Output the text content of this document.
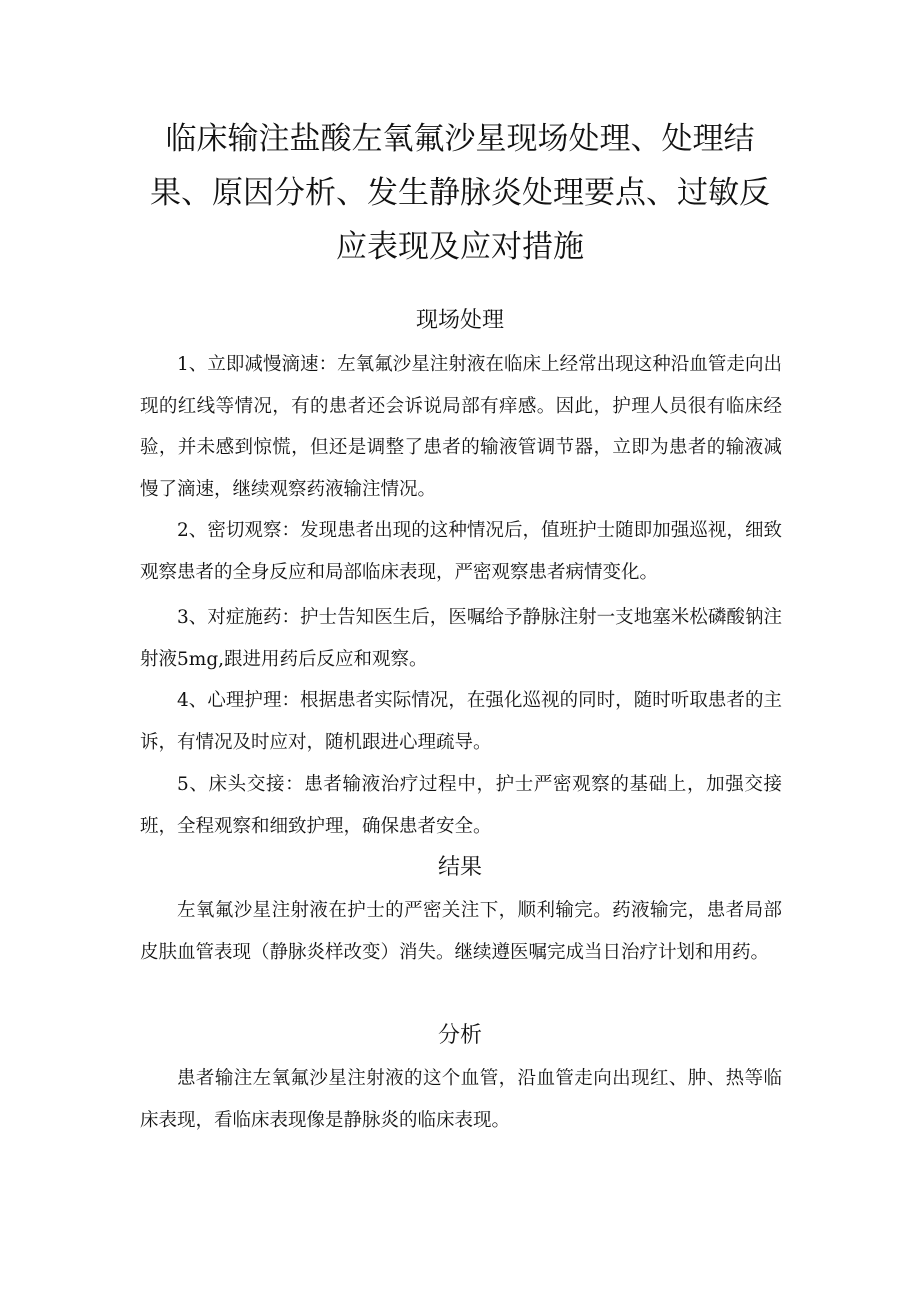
临床输注盐酸左氧氟沙星现场处理、处理结果、原因分析、发生静脉炎处理要点、过敏反应表现及应对措施
现场处理

1、立即减慢滴速：左氧氟沙星注射液在临床上经常出现这种沿血管走向出现的红线等情况，有的患者还会诉说局部有痒感。因此，护理人员很有临床经验，并未感到惊慌，但还是调整了患者的输液管调节器，立即为患者的输液减慢了滴速，继续观察药液输注情况。

2、密切观察：发现患者出现的这种情况后，值班护士随即加强巡视，细致观察患者的全身反应和局部临床表现，严密观察患者病情变化。

3、对症施药：护士告知医生后，医嘱给予静脉注射一支地塞米松磷酸钠注射液5mg,跟进用药后反应和观察。

4、心理护理：根据患者实际情况，在强化巡视的同时，随时听取患者的主诉，有情况及时应对，随机跟进心理疏导。

5、床头交接：患者输液治疗过程中，护士严密观察的基础上，加强交接班，全程观察和细致护理，确保患者安全。

结果

左氧氟沙星注射液在护士的严密关注下，顺利输完。药液输完，患者局部皮肤血管表现（静脉炎样改变）消失。继续遵医嘱完成当日治疗计划和用药。

分析

患者输注左氧氟沙星注射液的这个血管，沿血管走向出现红、肿、热等临床表现，看临床表现像是静脉炎的临床表现。
